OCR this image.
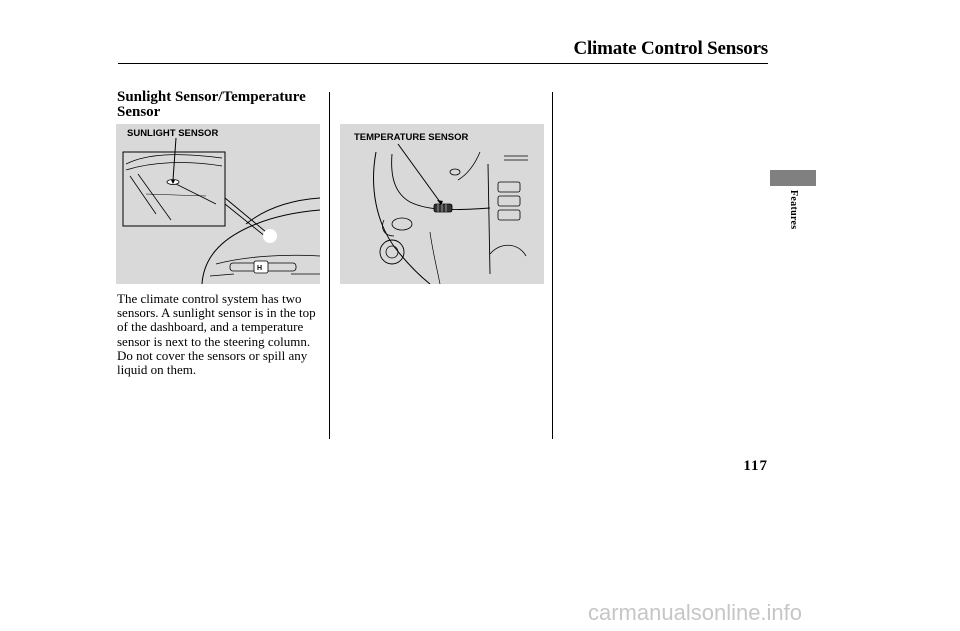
Climate Control Sensors
Sunlight Sensor/Temperature Sensor
H
SUNLIGHT SENSOR
The climate control system has two sensors. A sunlight sensor is in the top of the dashboard, and a temperature sensor is next to the steering column. Do not cover the sensors or spill any liquid on them.
TEMPERATURE SENSOR
Features
117
carmanualsonline.info
